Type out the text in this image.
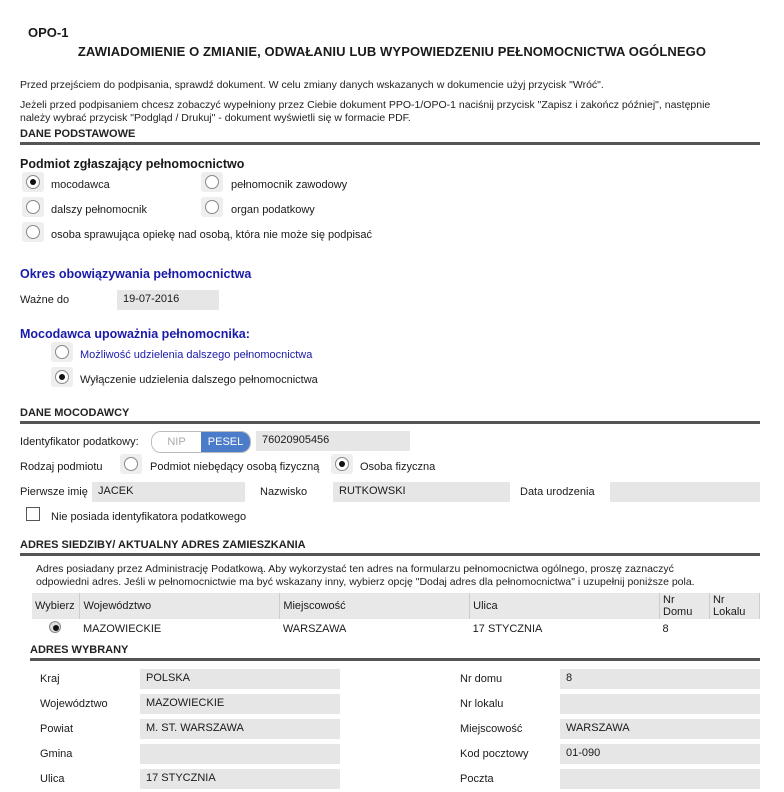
OPO-1
ZAWIADOMIENIE O ZMIANIE, ODWAŁANIU LUB WYPOWIEDZENIU PEŁNOMOCNICTWA OGÓLNEGO
Przed przejściem do podpisania, sprawdź dokument. W celu zmiany danych wskazanych w dokumencie użyj przycisk "Wróć".
Jeżeli przed podpisaniem chcesz zobaczyć wypełniony przez Ciebie dokument PPO-1/OPO-1 naciśnij przycisk "Zapisz i zakończ później", następnie
należy wybrać przycisk "Podgląd / Drukuj" - dokument wyświetli się w formacie PDF.
DANE PODSTAWOWE
Podmiot zgłaszający pełnomocnictwo
mocodawca	pełnomocnik zawodowy
dalszy pełnomocnik	organ podatkowy
osoba sprawująca opiekę nad osobą, która nie może się podpisać
Okres obowiązywania pełnomocnictwa
Ważne do	19-07-2016
Mocodawca upoważnia pełnomocnika:
Możliwość udzielenia dalszego pełnomocnictwa
Wyłączenie udzielenia dalszego pełnomocnictwa
DANE MOCODAWCY
Identyfikator podatkowy:	NIP	PESEL	76020905456
Rodzaj podmiotu	Podmiot niebędący osobą fizyczną	Osoba fizyczna
Pierwsze imię JACEK	Nazwisko	RUTKOWSKI	Data urodzenia
Nie posiada identyfikatora podatkowego
ADRES SIEDZIBY/ AKTUALNY ADRES ZAMIESZKANIA
Adres posiadany przez Administrację Podatkową. Aby wykorzystać ten adres na formularzu pełnomocnictwa ogólnego, proszę zaznaczyć
odpowiedni adres. Jeśli w pełnomocnictwie ma być wskazany inny, wybierz opcję "Dodaj adres dla pełnomocnictwa" i uzupełnij poniższe pola.
Wybierz	Województwo	Miejscowość	Ulica	Nr Domu	Nr Lokalu

	MAZOWIECKIE	WARSZAWA	17 STYCZNIA	8	
ADRES WYBRANY
Kraj	POLSKA
Województwo	MAZOWIECKIE
Powiat	M. ST. WARSZAWA
Gmina
Ulica	17 STYCZNIA
Nr domu	8
Nr lokalu
Miejscowość	WARSZAWA
Kod pocztowy	01-090
Poczta
